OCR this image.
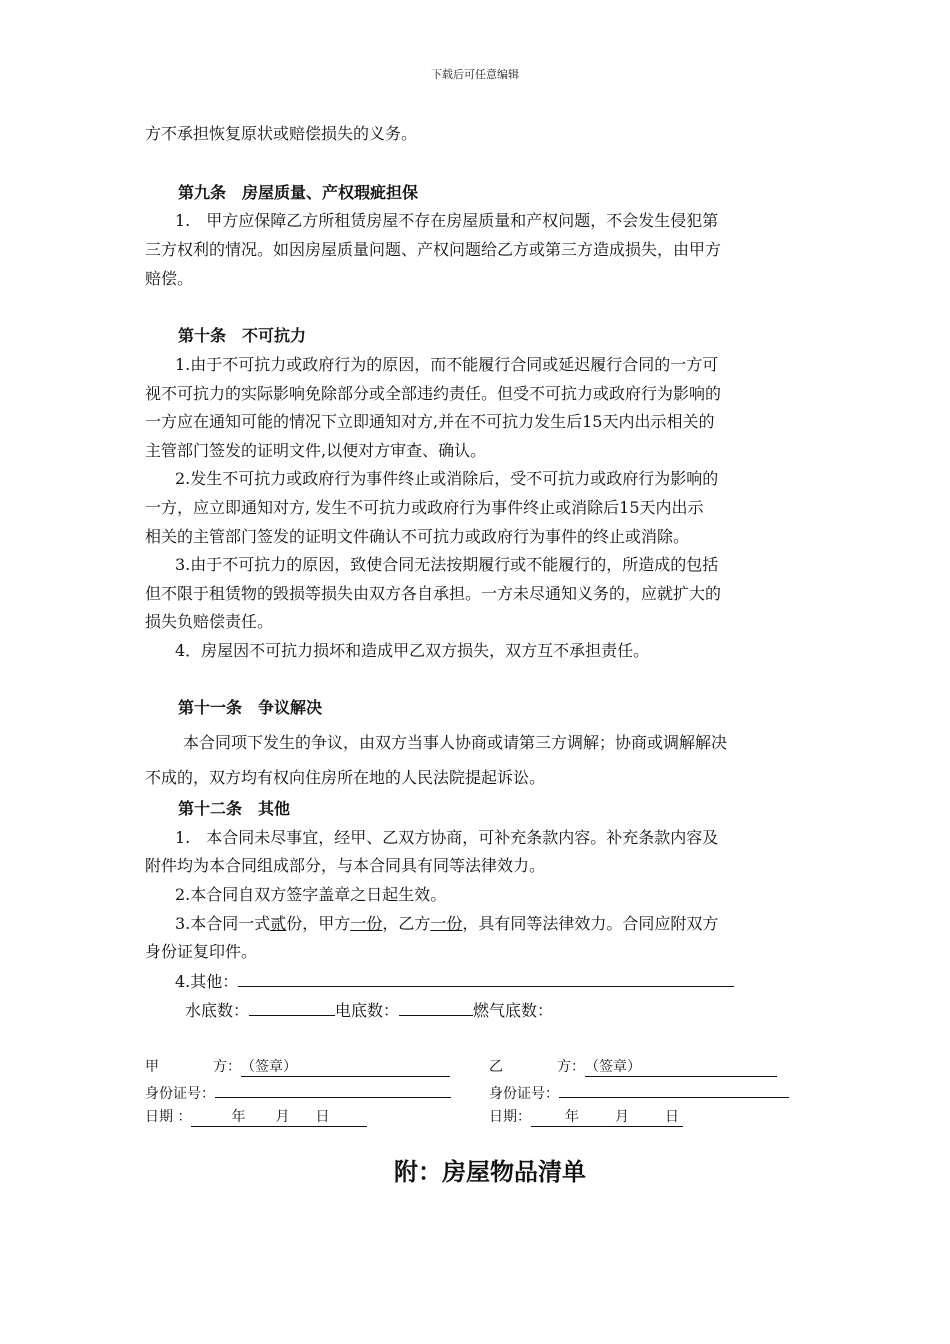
下载后可任意编辑
方不承担恢复原状或赔偿损失的义务。
第九条　房屋质量、产权瑕疵担保
1.　甲方应保障乙方所租赁房屋不存在房屋质量和产权问题，不会发生侵犯第
三方权利的情况。如因房屋质量问题、产权问题给乙方或第三方造成损失，由甲方
赔偿。
第十条　不可抗力
1.由于不可抗力或政府行为的原因，而不能履行合同或延迟履行合同的一方可
视不可抗力的实际影响免除部分或全部违约责任。但受不可抗力或政府行为影响的
一方应在通知可能的情况下立即通知对方,并在不可抗力发生后15天内出示相关的
主管部门签发的证明文件,以便对方审查、确认。
2.发生不可抗力或政府行为事件终止或消除后，受不可抗力或政府行为影响的
一方，应立即通知对方, 发生不可抗力或政府行为事件终止或消除后15天内出示
相关的主管部门签发的证明文件确认不可抗力或政府行为事件的终止或消除。
3.由于不可抗力的原因，致使合同无法按期履行或不能履行的，所造成的包括
但不限于租赁物的毁损等损失由双方各自承担。一方未尽通知义务的，应就扩大的
损失负赔偿责任。
4．房屋因不可抗力损坏和造成甲乙双方损失，双方互不承担责任。
第十一条　争议解决
本合同项下发生的争议，由双方当事人协商或请第三方调解；协商或调解解决
不成的，双方均有权向住房所在地的人民法院提起诉讼。
第十二条　其他
1.　本合同未尽事宜，经甲、乙双方协商，可补充条款内容。补充条款内容及
附件均为本合同组成部分，与本合同具有同等法律效力。
2.本合同自双方签字盖章之日起生效。
3.本合同一式贰份，甲方一份，乙方一份，具有同等法律效力。合同应附双方
身份证复印件。
4.其他：
水底数：	电底数：	燃气底数：
甲	方：（签章）	乙	方：（签章）
身份证号：	身份证号：
日期 ：	年 月 日	日期： 年	月	日
附：房屋物品清单
